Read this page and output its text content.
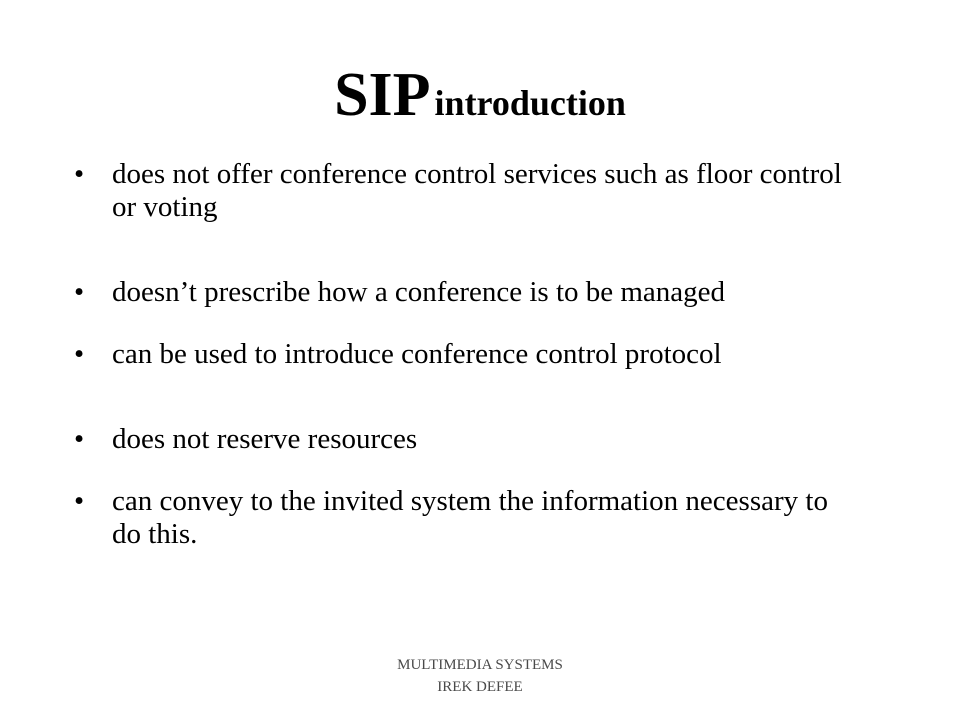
SIP introduction
• does not offer conference control services such as floor control or voting
• doesn’t prescribe how a conference is to be managed
• can be used to introduce conference control protocol
• does not reserve resources
• can convey to the invited system the information necessary to do this.
MULTIMEDIA SYSTEMS
IREK DEFEE
